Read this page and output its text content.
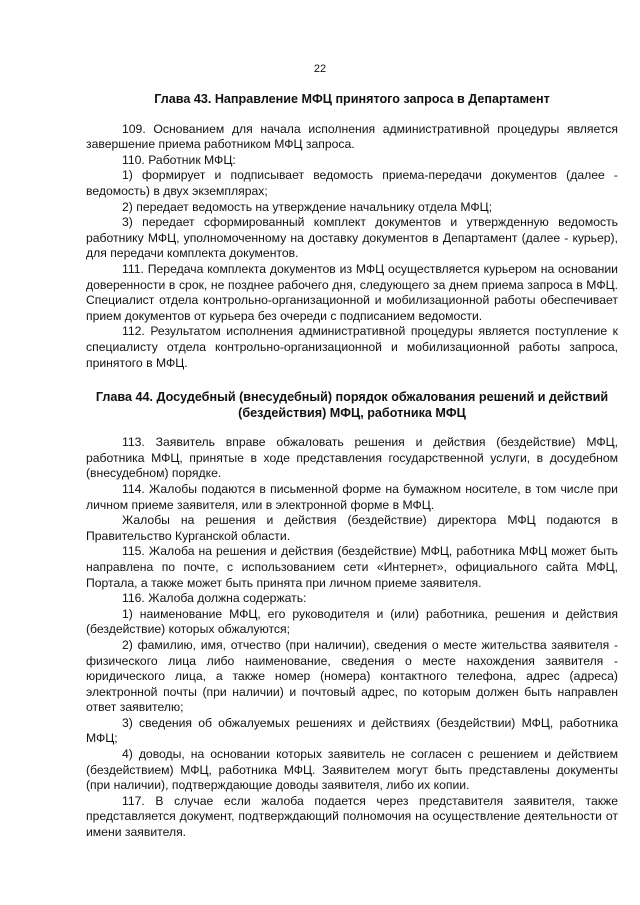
22
Глава 43. Направление МФЦ принятого запроса в Департамент

109. Основанием для начала исполнения административной процедуры является завершение приема работником МФЦ запроса.

110. Работник МФЦ:

1) формирует и подписывает ведомость приема-передачи документов (далее - ведомость) в двух экземплярах;

2) передает ведомость на утверждение начальнику отдела МФЦ;

3) передает сформированный комплект документов и утвержденную ведомость работнику МФЦ, уполномоченному на доставку документов в Департамент (далее - курьер), для передачи комплекта документов.

111. Передача комплекта документов из МФЦ осуществляется курьером на основании доверенности в срок, не позднее рабочего дня, следующего за днем приема запроса в МФЦ. Специалист отдела контрольно-организационной и мобилизационной работы обеспечивает прием документов от курьера без очереди с подписанием ведомости.

112. Результатом исполнения административной процедуры является поступление к специалисту отдела контрольно-организационной и мобилизационной работы запроса, принятого в МФЦ.

Глава 44. Досудебный (внесудебный) порядок обжалования решений и действий
(бездействия) МФЦ, работника МФЦ

113. Заявитель вправе обжаловать решения и действия (бездействие) МФЦ, работника МФЦ, принятые в ходе представления государственной услуги, в досудебном (внесудебном) порядке.

114. Жалобы подаются в письменной форме на бумажном носителе, в том числе при личном приеме заявителя, или в электронной форме в МФЦ.

Жалобы на решения и действия (бездействие) директора МФЦ подаются в Правительство Курганской области.

115. Жалоба на решения и действия (бездействие) МФЦ, работника МФЦ может быть направлена по почте, с использованием сети «Интернет», официального сайта МФЦ, Портала, а также может быть принята при личном приеме заявителя.

116. Жалоба должна содержать:

1) наименование МФЦ, его руководителя и (или) работника, решения и действия (бездействие) которых обжалуются;

2) фамилию, имя, отчество (при наличии), сведения о месте жительства заявителя - физического лица либо наименование, сведения о месте нахождения заявителя - юридического лица, а также номер (номера) контактного телефона, адрес (адреса) электронной почты (при наличии) и почтовый адрес, по которым должен быть направлен ответ заявителю;

3) сведения об обжалуемых решениях и действиях (бездействии) МФЦ, работника МФЦ;

4) доводы, на основании которых заявитель не согласен с решением и действием (бездействием) МФЦ, работника МФЦ. Заявителем могут быть представлены документы (при наличии), подтверждающие доводы заявителя, либо их копии.

117. В случае если жалоба подается через представителя заявителя, также представляется документ, подтверждающий полномочия на осуществление деятельности от имени заявителя.
